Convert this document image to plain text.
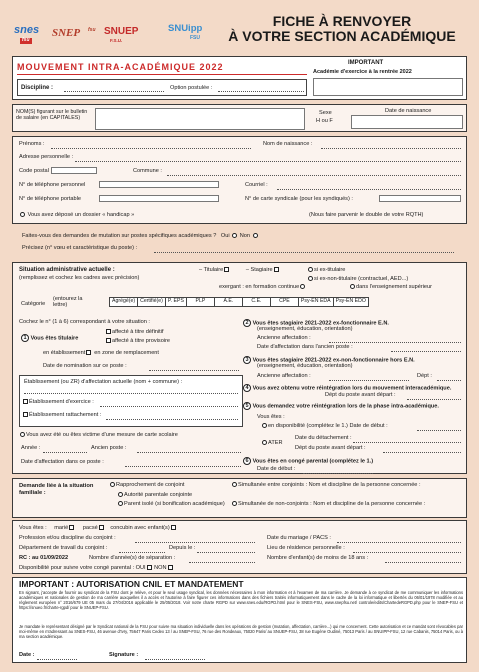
snes
fsu
SNEP fsu SNUEP
F.S.U.
SNUipp
FSU
FICHE À RENVOYER
À VOTRE SECTION ACADÉMIQUE
MOUVEMENT INTRA-ACADÉMIQUE 2022	IMPORTANT
Académie d'exercice à la rentrée 2022
Discipline :	Option postulée :
NOM(S) figurant sur le bulletin de salaire (en CAPITALES)
Sexe
H ou F
Date de naissance
Prénoms :	Nom de naissance :
Adresse personnelle :
Code postal	Commune :
N° de téléphone personnel	Courriel :
N° de téléphone portable	N° de carte syndicale (pour les syndiqués) :
Vous avez déposé un dossier « handicap »	(Nous faire parvenir le double de votre RQTH)
Faites-vous des demandes de mutation sur postes spécifiques académiques ? Oui Non
Précisez (n° vœu et caractéristique du poste) :
Situation administrative actuelle :
(remplissez et cochez les cadres avec précision)
– Titulaire	– Stagiaire	si ex-titulaire
si ex-non-titulaire (contractuel, AED...)
exergant : en formation continue	dans l'enseignement supérieur
Catégorie
(entourez la lettre)
Agrégé(e)	Certifié(e)	P. EPS	PLP	A.E.	C.E.	CPE	Psy-ÉN EDA	Psy-ÉN EDO
Cochez le n° (1 à 6) correspondant à votre situation :
1 Vous êtes titulaire
affecté à titre définitif
affecté à titre provisoire
en établissement en zone de remplacement
Date de nomination sur ce poste :
Établissement (ou ZR) d'affectation actuelle (nom + commune) :
Établissement d'exercice :
Établissement rattachement :
Vous avez été ou êtes victime d'une mesure de carte scolaire
Année :	Ancien poste :
Date d'affectation dans ce poste :
2 Vous êtes stagiaire 2021-2022 ex-fonctionnaire E.N.
(enseignement, éducation, orientation)
Ancienne affectation :
Date d'affectation dans l'ancien poste :
3 Vous êtes stagiaire 2021-2022 ex-non-fonctionnaire hors E.N.
(enseignement, éducation, orientation)
Ancienne affectation :	Dépt :
4 Vous avez obtenu votre réintégration lors du mouvement interacadémique.
Dépt du poste avant départ :
5 Vous demandez votre réintégration lors de la phase intra-académique.
Vous êtes :
en disponibilité (complétez le 1.) Date de début :
Date du détachement :
ATER
Dépt du poste avant départ :
6 Vous êtes en congé parental (complétez le 1.)
Date de début :
Demande liée à la situation familiale :
Rapprochement de conjoint
Autorité parentale conjointe
Parent isolé (si bonification académique)
Simultanée entre conjoints : Nom et discipline de la personne concernée :
Simultanée de non-conjoints : Nom et discipline de la personne concernée :
Vous êtes : marié	pacsé concubin avec enfant(s)
Profession et/ou discipline du conjoint :	Date du mariage / PACS :
Département de travail du conjoint :	Depuis le :	Lieu de résidence personnelle :
RC : au 01/09/2022	Nombre d'année(s) de séparation :	Nombre d'enfant(s) de moins de 18 ans :
Disponibilité pour suivre votre congé parental : OUI NON
IMPORTANT : AUTORISATION CNIL ET MANDATEMENT
En signant, j'accepte de fournir au syndicat de la FSU dont je relève, et pour le seul usage syndical, les données nécessaires à mon information et à l'examen de ma carrière. Je demande à ce syndicat de me communiquer les informations académiques et nationales de gestion de ma carrière auxquelles il a accès et l'autorise à faire figurer ces informations dans des fichiers traités informatiquement dans le cadre de la loi informatique et libertés du 06/01/1978 modifiée et au règlement européen n° 2016/679 UE 05 mars du 27/04/2016 applicable le 25/05/2018. Voir notre charte RGPD sur www.snes.edu/RGPD.html pour le SNES-FSU, www.snepfsu.net/ controle/edits/ChartedeRGPD.php pour le SNEP-FSU et https://snueo.fr/charte-rgpd/ pour le SNUEP-FSU.
Je mandate le représentant désigné par le Syndicat national de la FSU pour suivre ma situation individuelle dans les opérations de gestion (mutation, affectation, carrière...) qui me concernent. Cette autorisation et ce mandat sont révocables par moi-même en m'adressant au SNES-FSU, 46 avenue d'Ivry, 75647 Paris Cedex 13 / au SNEP-FSU, 76 rue des Rondeaux, 75020 Paris/ au SNUEP-FSU, 38 rue Eugène Oudiné, 75013 Paris / au SNUIPP-FSU, 12 rue Cabanis, 75014 Paris, ou à ma section académique.
Date :	Signature :
